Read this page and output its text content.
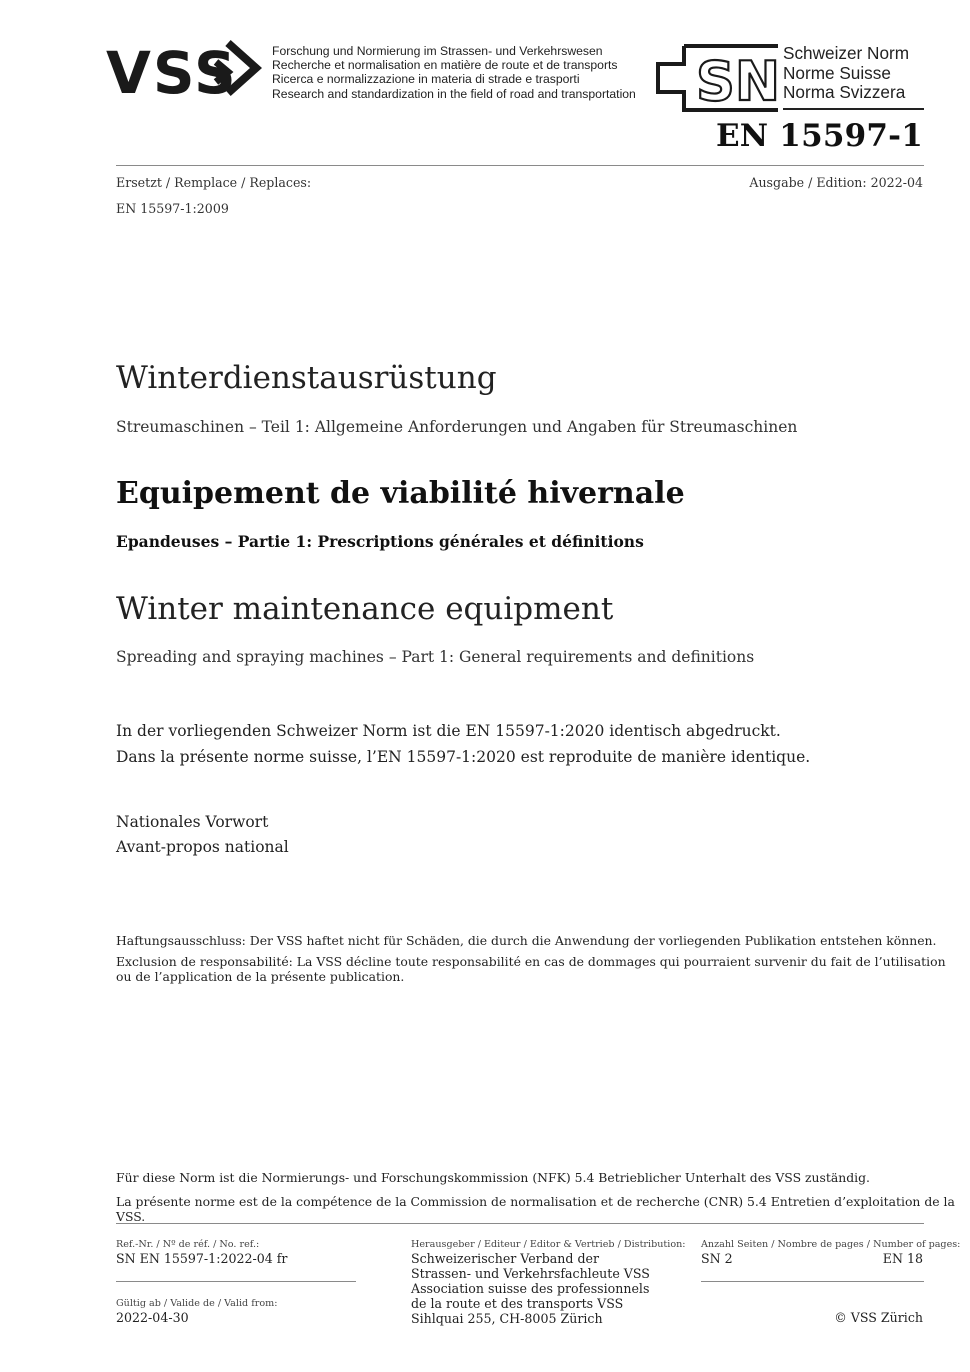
VSS	Forschung und Normierung im Strassen- und Verkehrswesen
Recherche et normalisation en matière de route et de transports
Ricerca e normalizzazione in materia di strade e trasporti
Research and standardization in the field of road and transportation SN Schweizer Norm
Norme Suisse
Norma Svizzera
EN 15597-1
Ersetzt / Remplace / Replaces:	Ausgabe / Edition: 2022-04
EN 15597-1:2009
Winterdienstausrüstung
Streumaschinen – Teil 1: Allgemeine Anforderungen und Angaben für Streumaschinen
Equipement de viabilité hivernale
Epandeuses – Partie 1: Prescriptions générales et définitions
Winter maintenance equipment
Spreading and spraying machines – Part 1: General requirements and definitions
In der vorliegenden Schweizer Norm ist die EN 15597-1:2020 identisch abgedruckt.
Dans la présente norme suisse, l’EN 15597-1:2020 est reproduite de manière identique.
Nationales Vorwort
Avant-propos national
Haftungsausschluss: Der VSS haftet nicht für Schäden, die durch die Anwendung der vorliegenden Publikation entstehen können.
Exclusion de responsabilité: La VSS décline toute responsabilité en cas de dommages qui pourraient survenir du fait de l’utilisation
ou de l’application de la présente publication.
Für diese Norm ist die Normierungs- und Forschungskommission (NFK) 5.4 Betrieblicher Unterhalt des VSS zuständig.
La présente norme est de la compétence de la Commission de normalisation et de recherche (CNR) 5.4 Entretien d’exploitation de la VSS.
Ref.-Nr. / Nº de réf. / No. ref.:
SN EN 15597-1:2022-04 fr
Gültig ab / Valide de / Valid from:
2022-04-30
Herausgeber / Editeur / Editor & Vertrieb / Distribution:
Schweizerischer Verband der
Strassen- und Verkehrsfachleute VSS
Association suisse des professionnels
de la route et des transports VSS
Sihlquai 255, CH-8005 Zürich
Anzahl Seiten / Nombre de pages / Number of pages:
SN 2	EN 18
© VSS Zürich
